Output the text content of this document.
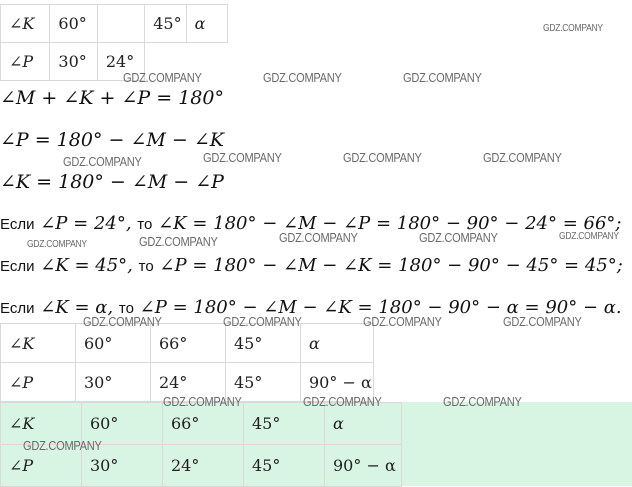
∠K	60°		45°	α
∠P	30°	24°		
∠M + ∠K + ∠P = 180°
∠P = 180° − ∠M − ∠K
∠K = 180° − ∠M − ∠P
Если ∠P = 24°, то ∠K = 180° − ∠M − ∠P = 180° − 90° − 24° = 66°;
Если ∠K = 45°, то ∠P = 180° − ∠M − ∠K = 180° − 90° − 45° = 45°;
Если ∠K = α, то ∠P = 180° − ∠M − ∠K = 180° − 90° − α = 90° − α.
∠K	60°	66°	45°	α
∠P	30°	24°	45°	90° − α
∠K	60°	66°	45°	α
∠P	30°	24°	45°	90° − α
GDZ.COMPANY
GDZ.COMPANY	GDZ.COMPANY	GDZ.COMPANY
GDZ.COMPANY	GDZ.COMPANY	GDZ.COMPANY	GDZ.COMPANY
GDZ.COMPANY	GDZ.COMPANY	GDZ.COMPANY	GDZ.COMPANY	GDZ.COMPANY
GDZ.COMPANY	GDZ.COMPANY	GDZ.COMPANY	GDZ.COMPANY
GDZ.COMPANY	GDZ.COMPANY	GDZ.COMPANY
GDZ.COMPANY
